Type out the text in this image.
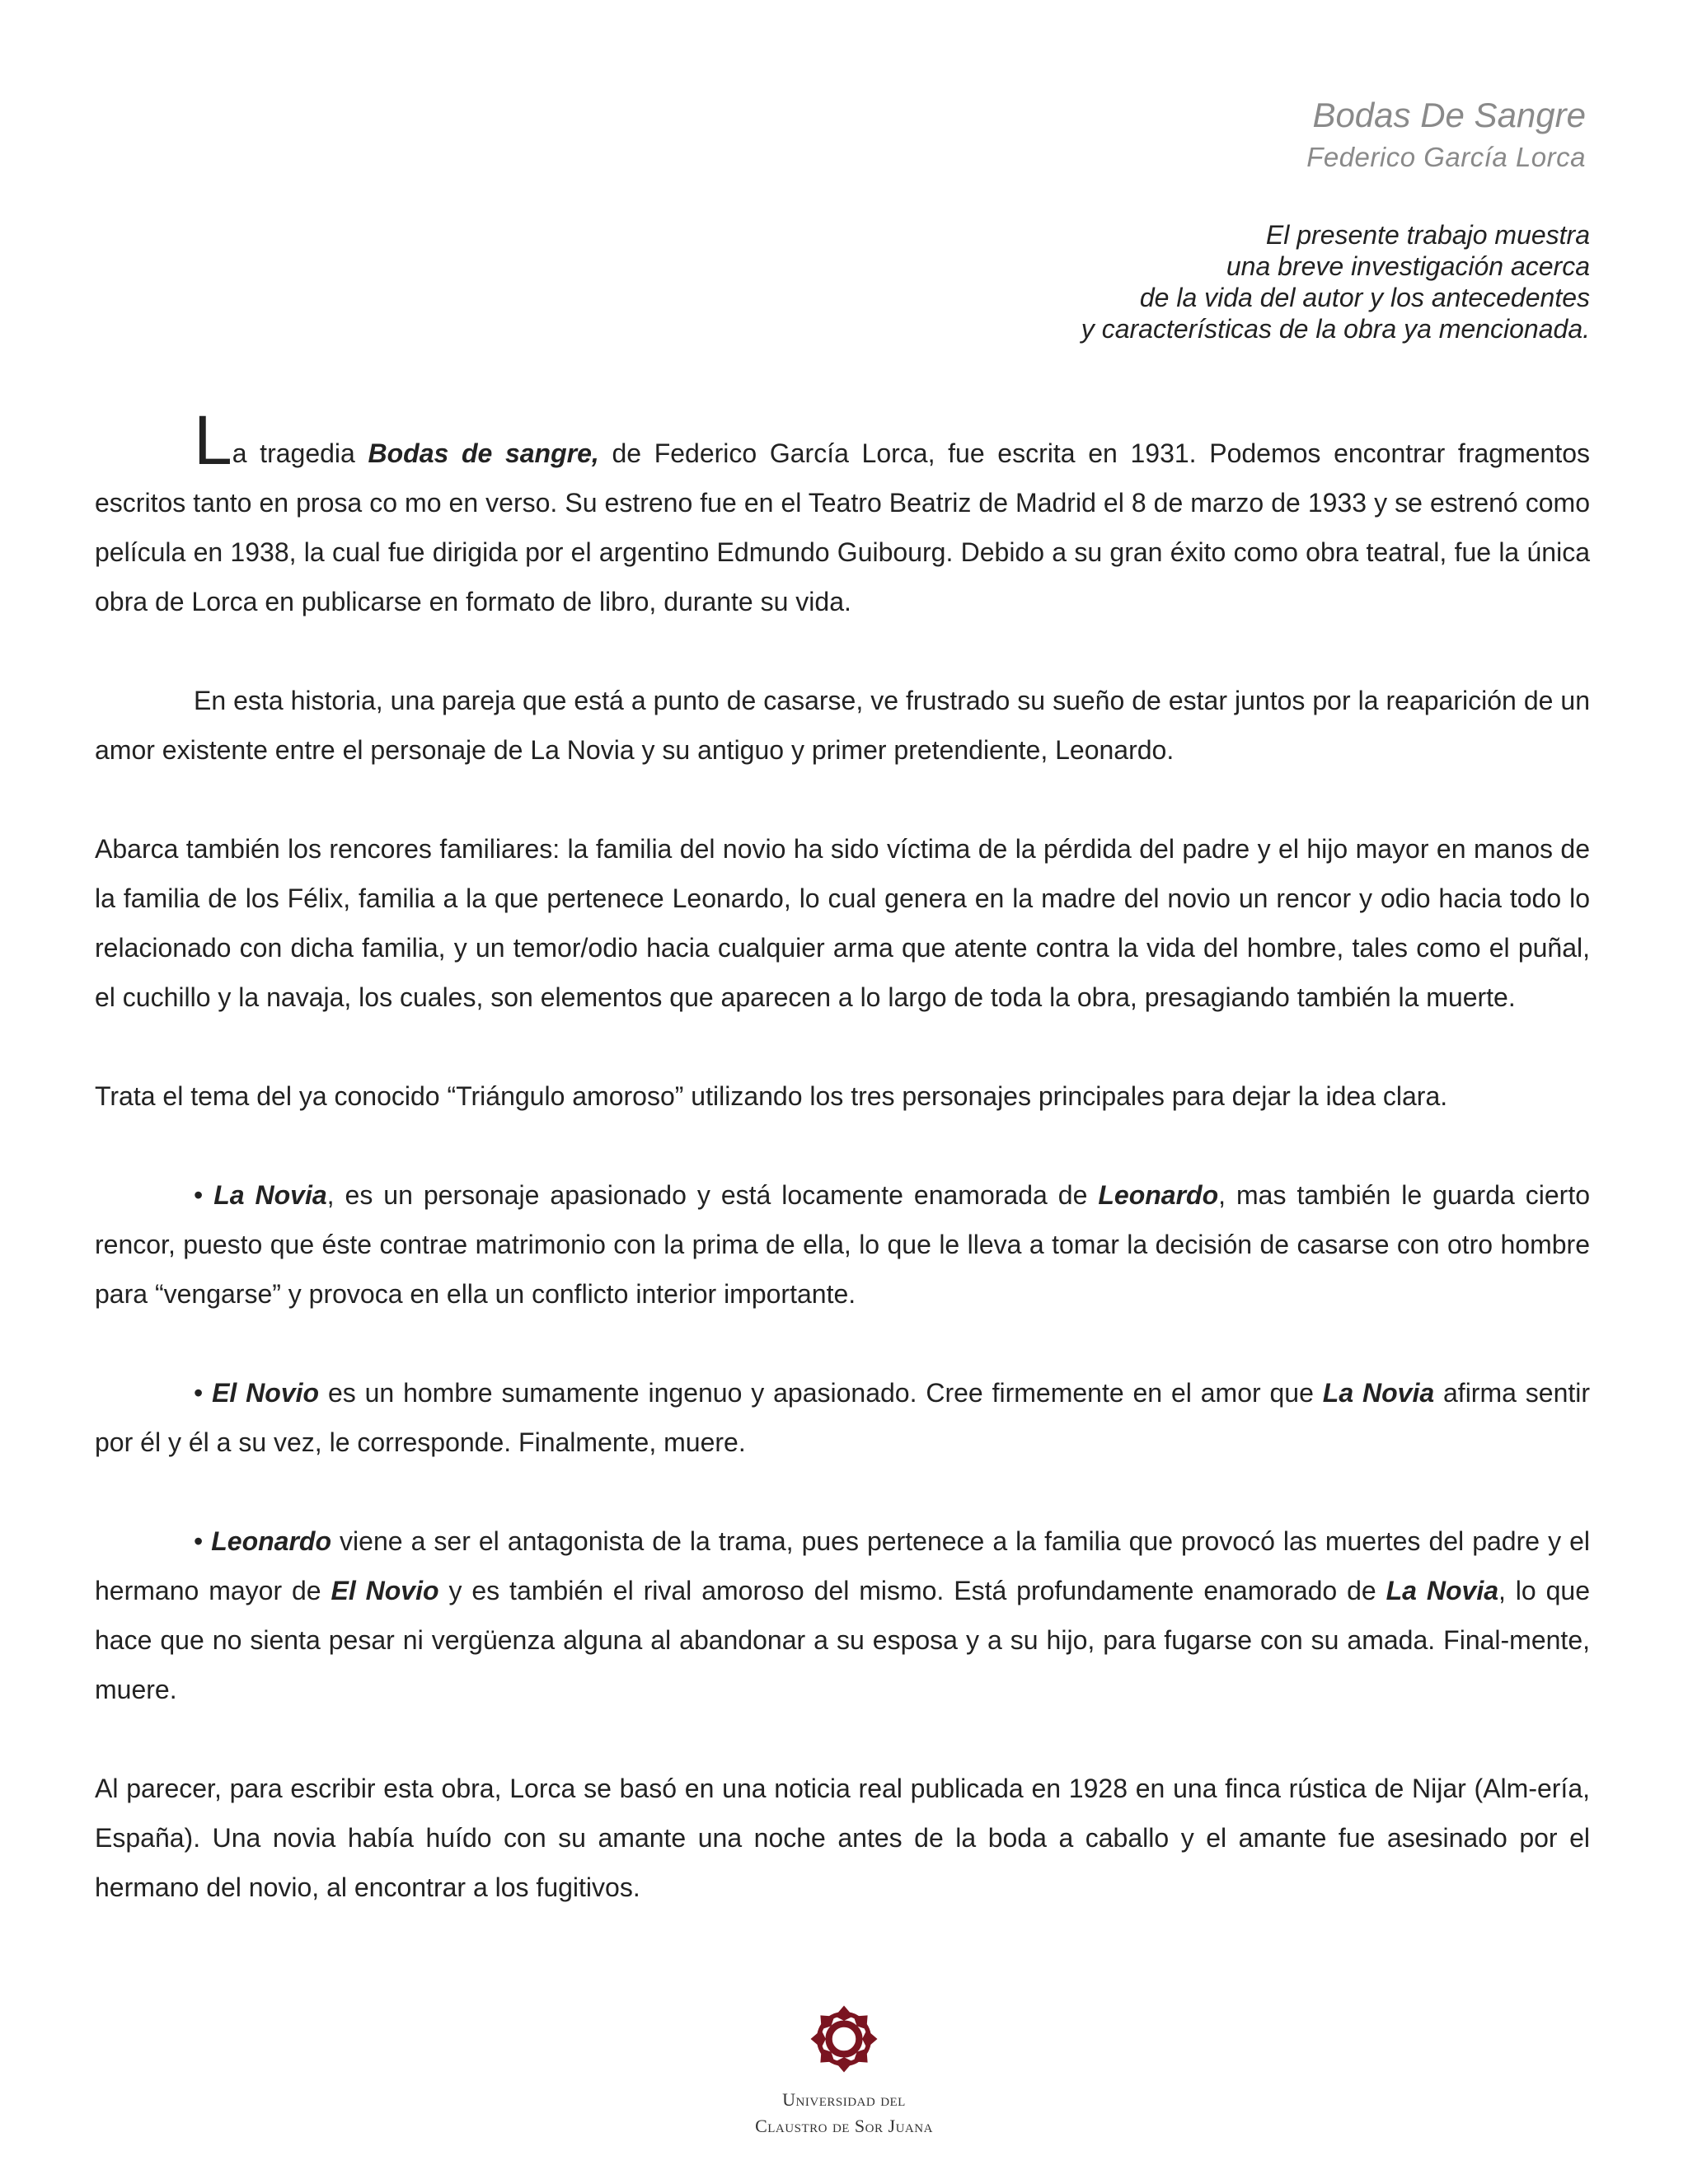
Bodas De Sangre
Federico García Lorca
El presente trabajo muestra
una breve investigación acerca
de la vida del autor y los antecedentes
y características de la obra ya mencionada.

La tragedia Bodas de sangre, de Federico García Lorca, fue escrita en 1931. Podemos encontrar fragmentos escritos tanto en prosa co mo en verso. Su estreno fue en el Teatro Beatriz de Madrid el 8 de marzo de 1933 y se estrenó como película en 1938, la cual fue dirigida por el argentino Edmundo Guibourg. Debido a su gran éxito como obra teatral, fue la única obra de Lorca en publicarse en formato de libro, durante su vida.

En esta historia, una pareja que está a punto de casarse, ve frustrado su sueño de estar juntos por la reaparición de un amor existente entre el personaje de La Novia y su antiguo y primer pretendiente, Leonardo.

Abarca también los rencores familiares: la familia del novio ha sido víctima de la pérdida del padre y el hijo mayor en manos de la familia de los Félix, familia a la que pertenece Leonardo, lo cual genera en la madre del novio un rencor y odio hacia todo lo relacionado con dicha familia, y un temor/odio hacia cualquier arma que atente contra la vida del hombre, tales como el puñal, el cuchillo y la navaja, los cuales, son elementos que aparecen a lo largo de toda la obra, presagiando también la muerte.

Trata el tema del ya conocido “Triángulo amoroso” utilizando los tres personajes principales para dejar la idea clara.

• La Novia, es un personaje apasionado y está locamente enamorada de Leonardo, mas también le guarda cierto rencor, puesto que éste contrae matrimonio con la prima de ella, lo que le lleva a tomar la decisión de casarse con otro hombre para “vengarse” y provoca en ella un conflicto interior importante.

• El Novio es un hombre sumamente ingenuo y apasionado. Cree firmemente en el amor que La Novia afirma sentir por él y él a su vez, le corresponde. Finalmente, muere.

• Leonardo viene a ser el antagonista de la trama, pues pertenece a la familia que provocó las muertes del padre y el hermano mayor de El Novio y es también el rival amoroso del mismo. Está profundamente enamorado de La Novia, lo que hace que no sienta pesar ni vergüenza alguna al abandonar a su esposa y a su hijo, para fugarse con su amada. Final-mente, muere.

Al parecer, para escribir esta obra, Lorca se basó en una noticia real publicada en 1928 en una finca rústica de Nijar (Alm-ería, España). Una novia había huído con su amante una noche antes de la boda a caballo y el amante fue asesinado por el hermano del novio, al encontrar a los fugitivos.

Universidad del
Claustro de Sor Juana
